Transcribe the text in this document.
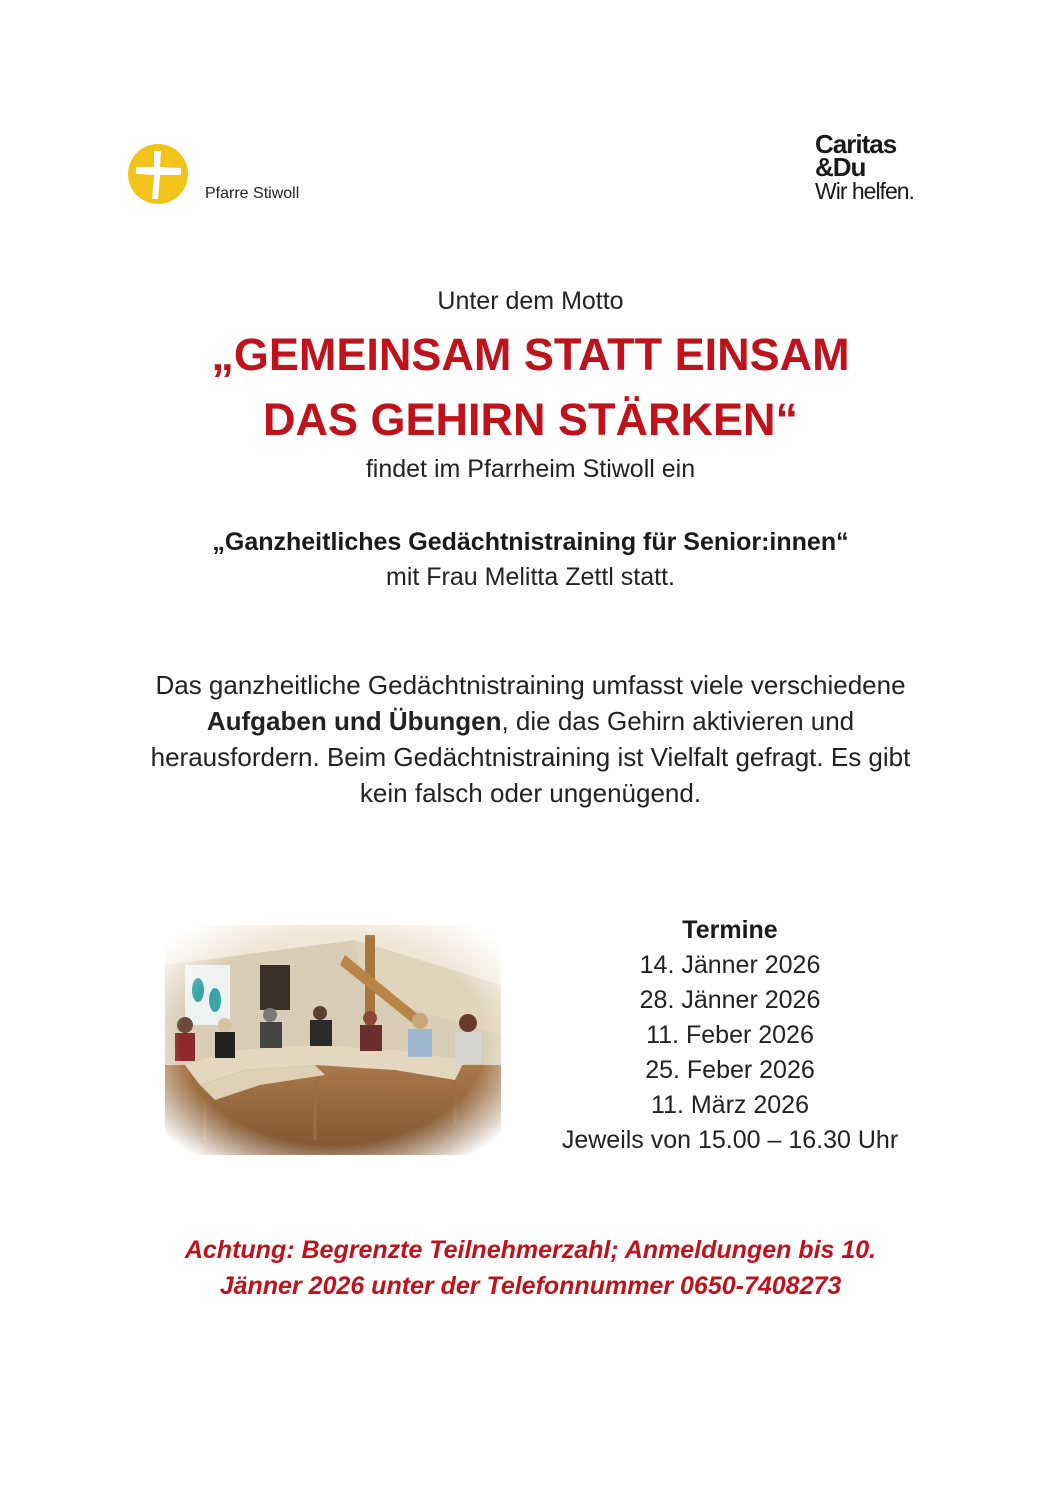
Pfarre Stiwoll
Caritas
&Du
Wir helfen.
Unter dem Motto
„GEMEINSAM STATT EINSAM
DAS GEHIRN STÄRKEN“
findet im Pfarrheim Stiwoll ein
„Ganzheitliches Gedächtnistraining für Senior:innen“
mit Frau Melitta Zettl statt.
Das ganzheitliche Gedächtnistraining umfasst viele verschiedene Aufgaben und Übungen, die das Gehirn aktivieren und herausfordern. Beim Gedächtnistraining ist Vielfalt gefragt. Es gibt kein falsch oder ungenügend.
Termine
14. Jänner 2026
28. Jänner 2026
11. Feber 2026
25. Feber 2026
11. März 2026
Jeweils von 15.00 – 16.30 Uhr
Achtung: Begrenzte Teilnehmerzahl; Anmeldungen bis 10.
Jänner 2026 unter der Telefonnummer 0650-7408273
